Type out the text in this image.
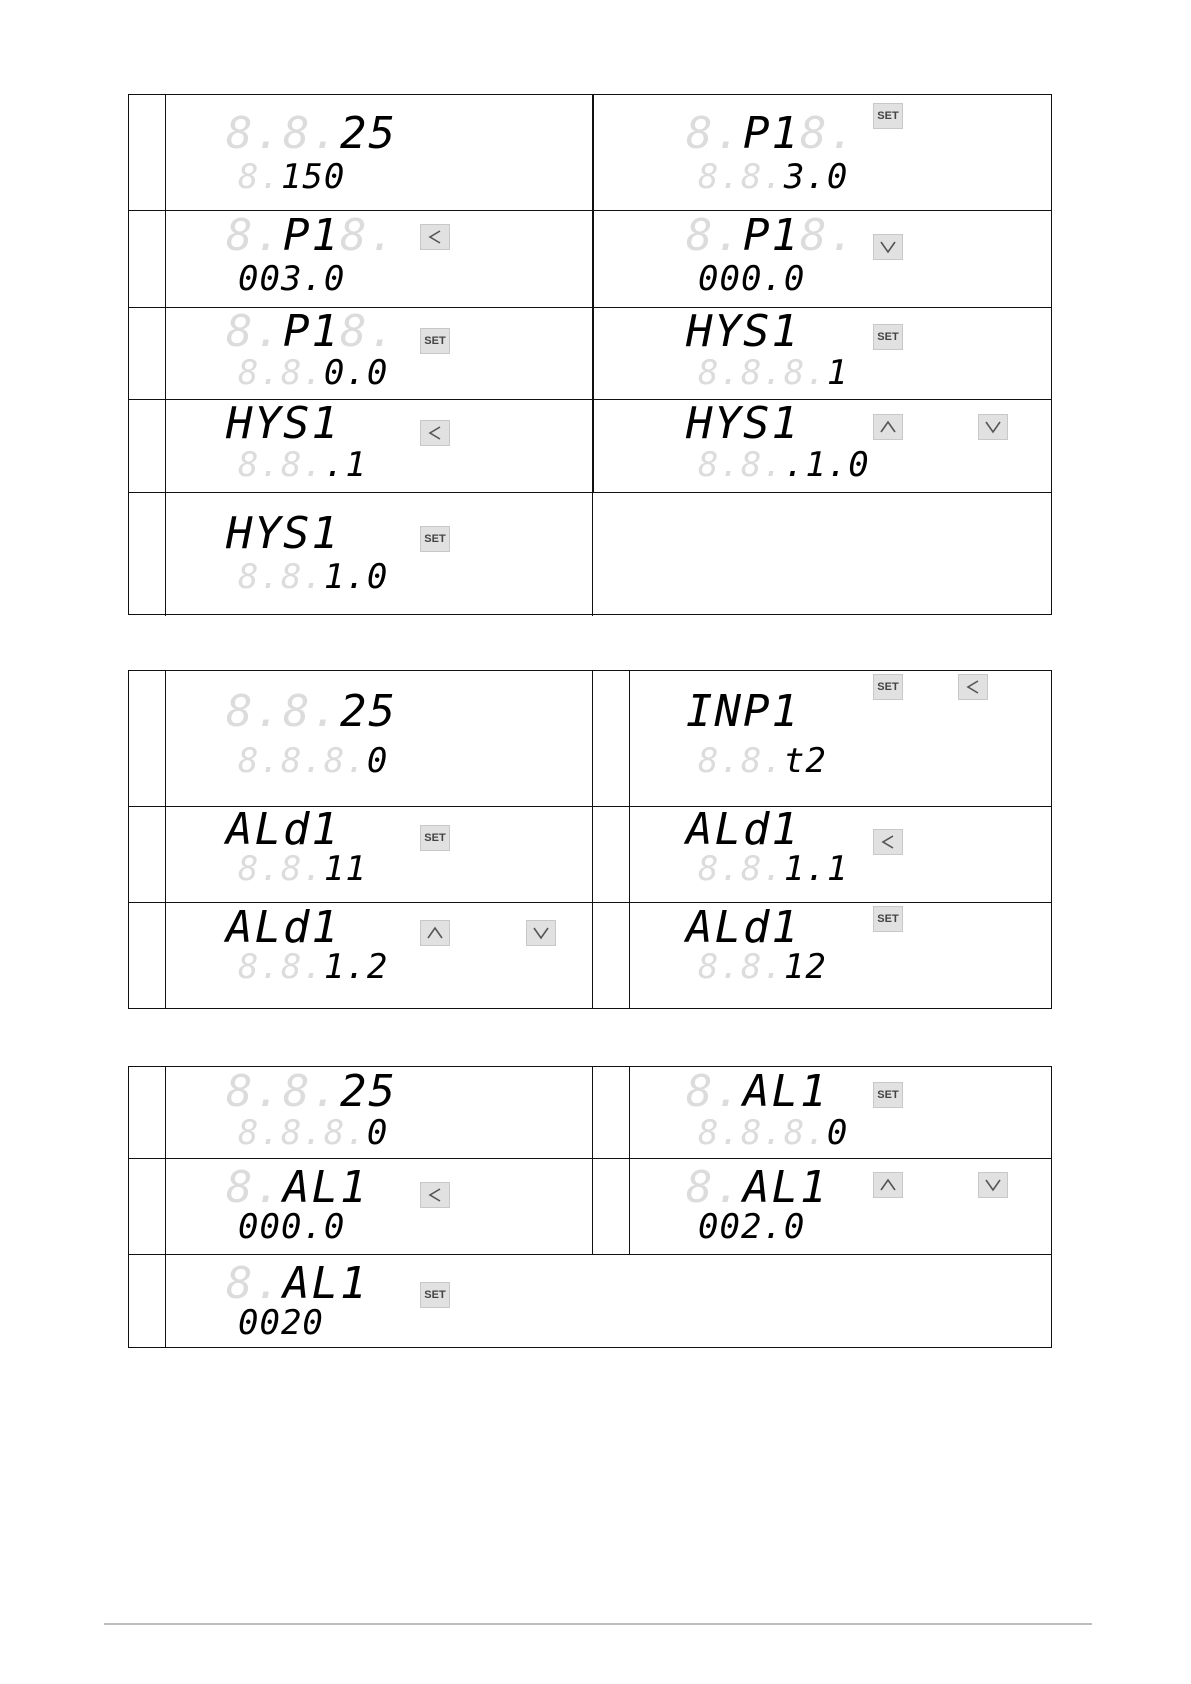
8.8.25
8.150
8.P18.
8.8.3.0
SET
8.P18.
003.0
8.P18.
000.0
8.P18.
8.8.0.0
SET	HYS1
8.8.8.1
SET
HYS1
8.8..1
HYS1
8.8..1.0
HYS1
8.8.1.0
SET
8.8.25
8.8.8.0
INP1
8.8.t2
SET
ALd1
8.8.11
SET	ALd1
8.8.1.1
ALd1
8.8.1.2
ALd1
8.8.12
SET
8.8.25
8.8.8.0
8.AL1
8.8.8.0
SET
8.AL1
000.0
8.AL1
002.0
8.AL1
0020
SET
